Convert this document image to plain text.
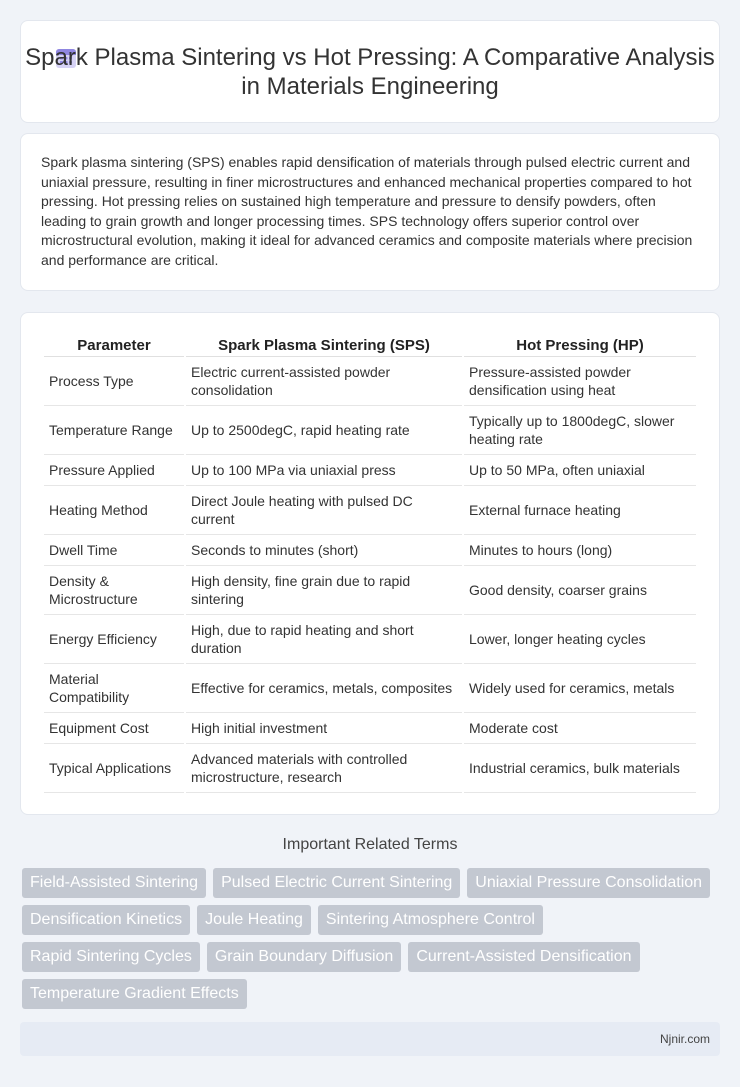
Spark Plasma Sintering vs Hot Pressing: A Comparative Analysis in Materials Engineering

Spark plasma sintering (SPS) enables rapid densification of materials through pulsed electric current and uniaxial pressure, resulting in finer microstructures and enhanced mechanical properties compared to hot pressing. Hot pressing relies on sustained high temperature and pressure to densify powders, often leading to grain growth and longer processing times. SPS technology offers superior control over microstructural evolution, making it ideal for advanced ceramics and composite materials where precision and performance are critical.

Parameter	Spark Plasma Sintering (SPS)	Hot Pressing (HP)
Process Type	Electric current-assisted powder consolidation	Pressure-assisted powder densification using heat
Temperature Range	Up to 2500degC, rapid heating rate	Typically up to 1800degC, slower heating rate
Pressure Applied	Up to 100 MPa via uniaxial press	Up to 50 MPa, often uniaxial
Heating Method	Direct Joule heating with pulsed DC current	External furnace heating
Dwell Time	Seconds to minutes (short)	Minutes to hours (long)
Density & Microstructure	High density, fine grain due to rapid sintering	Good density, coarser grains
Energy Efficiency	High, due to rapid heating and short duration	Lower, longer heating cycles
Material Compatibility	Effective for ceramics, metals, composites	Widely used for ceramics, metals
Equipment Cost	High initial investment	Moderate cost
Typical Applications	Advanced materials with controlled microstructure, research	Industrial ceramics, bulk materials
Important Related Terms
Field-Assisted Sintering	Pulsed Electric Current Sintering	Uniaxial Pressure Consolidation
Densification Kinetics	Joule Heating	Sintering Atmosphere Control
Rapid Sintering Cycles	Grain Boundary Diffusion	Current-Assisted Densification
Temperature Gradient Effects
Njnir.com
